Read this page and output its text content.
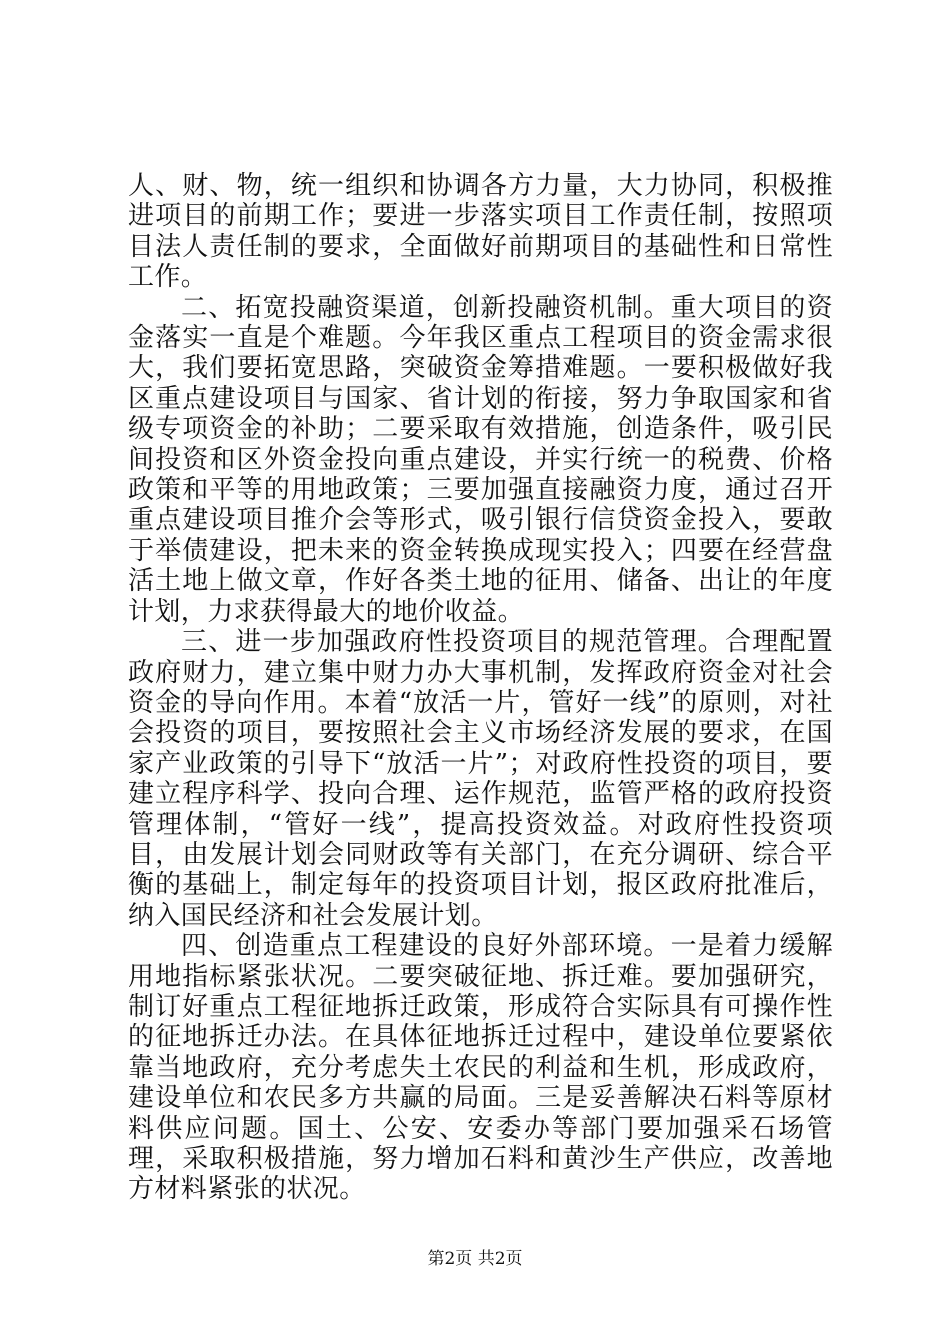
人、财、物，统一组织和协调各方力量，大力协同，积极推进项目的前期工作；要进一步落实项目工作责任制，按照项目法人责任制的要求，全面做好前期项目的基础性和日常性工作。

二、拓宽投融资渠道，创新投融资机制。重大项目的资金落实一直是个难题。今年我区重点工程项目的资金需求很大，我们要拓宽思路，突破资金筹措难题。一要积极做好我区重点建设项目与国家、省计划的衔接，努力争取国家和省级专项资金的补助；二要采取有效措施，创造条件，吸引民间投资和区外资金投向重点建设，并实行统一的税费、价格政策和平等的用地政策；三要加强直接融资力度，通过召开重点建设项目推介会等形式，吸引银行信贷资金投入，要敢于举债建设，把未来的资金转换成现实投入；四要在经营盘活土地上做文章，作好各类土地的征用、储备、出让的年度计划，力求获得最大的地价收益。

三、进一步加强政府性投资项目的规范管理。合理配置政府财力，建立集中财力办大事机制，发挥政府资金对社会资金的导向作用。本着“放活一片，管好一线”的原则，对社会投资的项目，要按照社会主义市场经济发展的要求，在国家产业政策的引导下“放活一片”；对政府性投资的项目，要建立程序科学、投向合理、运作规范，监管严格的政府投资管理体制，“管好一线”，提高投资效益。对政府性投资项目，由发展计划会同财政等有关部门，在充分调研、综合平衡的基础上，制定每年的投资项目计划，报区政府批准后，纳入国民经济和社会发展计划。

四、创造重点工程建设的良好外部环境。一是着力缓解用地指标紧张状况。二要突破征地、拆迁难。要加强研究，制订好重点工程征地拆迁政策，形成符合实际具有可操作性的征地拆迁办法。在具体征地拆迁过程中，建设单位要紧依靠当地政府，充分考虑失土农民的利益和生机，形成政府，建设单位和农民多方共赢的局面。三是妥善解决石料等原材料供应问题。国土、公安、安委办等部门要加强采石场管理，采取积极措施，努力增加石料和黄沙生产供应，改善地方材料紧张的状况。

第2页 共2页
